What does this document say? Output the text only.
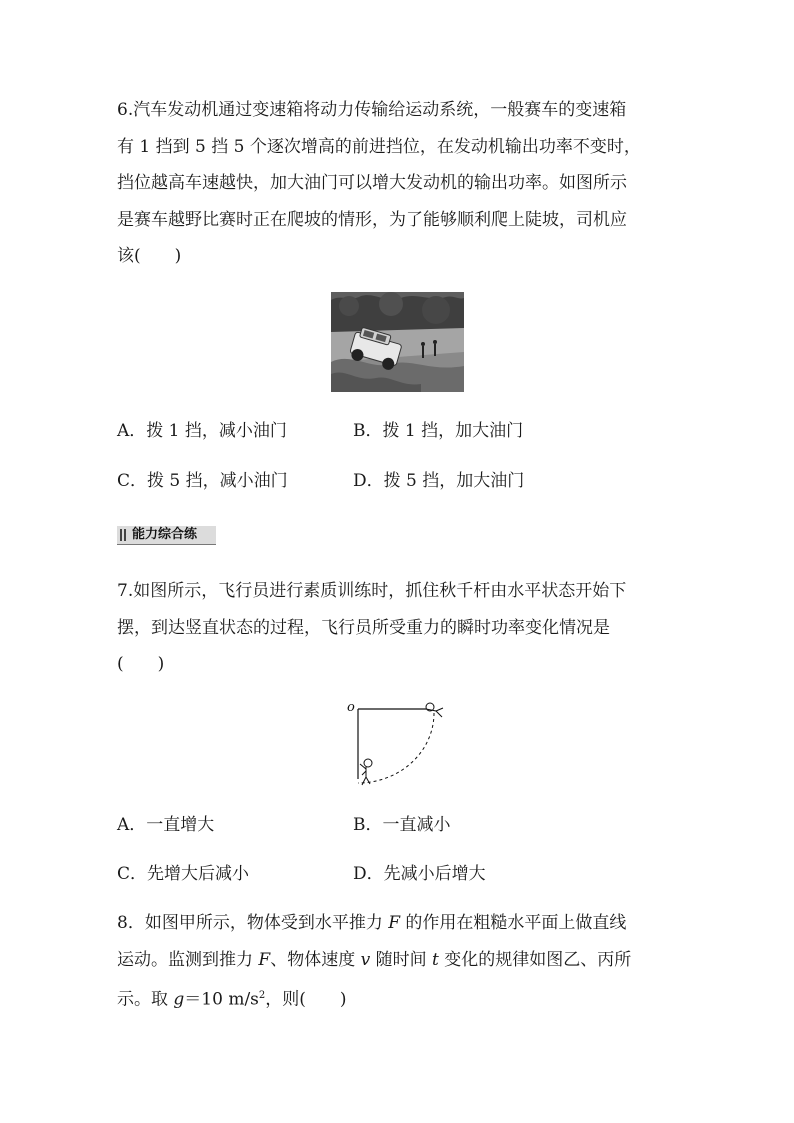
6.汽车发动机通过变速箱将动力传输给运动系统，一般赛车的变速箱
有 1 挡到 5 挡 5 个逐次增高的前进挡位，在发动机输出功率不变时，
挡位越高车速越快，加大油门可以增大发动机的输出功率。如图所示
是赛车越野比赛时正在爬坡的情形，为了能够顺利爬上陡坡，司机应
该(　　)
A．拨 1 挡，减小油门	B．拨 1 挡，加大油门
C．拨 5 挡，减小油门	D．拨 5 挡，加大油门
能力综合练
7.如图所示，飞行员进行素质训练时，抓住秋千杆由水平状态开始下
摆，到达竖直状态的过程，飞行员所受重力的瞬时功率变化情况是
(　　)
o
A．一直增大	B．一直减小
C．先增大后减小	D．先减小后增大
8．如图甲所示，物体受到水平推力 F 的作用在粗糙水平面上做直线
运动。监测到推力 F、物体速度 v 随时间 t 变化的规律如图乙、丙所
示。取 g＝10 $m/s^2$，则(　　)
